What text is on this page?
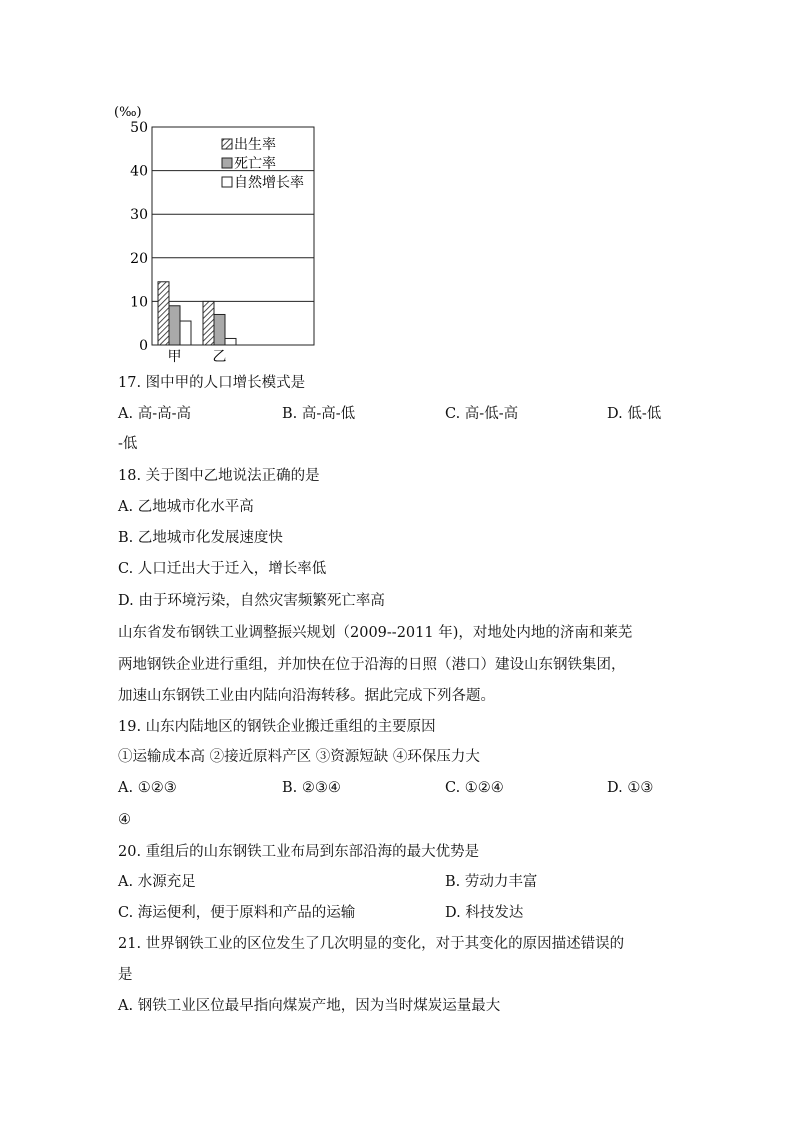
(‰)
0
10
20
30
40
50
甲 乙
出生率
死亡率
自然增长率
17. 图中甲的人口增长模式是
A. 高-高-高	B. 高-高-低	C. 高-低-高	D. 低-低
-低
18. 关于图中乙地说法正确的是
A. 乙地城市化水平高
B. 乙地城市化发展速度快
C. 人口迁出大于迁入，增长率低
D. 由于环境污染，自然灾害频繁死亡率高
山东省发布钢铁工业调整振兴规划（2009--2011 年)，对地处内地的济南和莱芜
两地钢铁企业进行重组，并加快在位于沿海的日照（港口）建设山东钢铁集团，
加速山东钢铁工业由内陆向沿海转移。据此完成下列各题。
19. 山东内陆地区的钢铁企业搬迁重组的主要原因
①运输成本高 ②接近原料产区 ③资源短缺 ④环保压力大
A. ①②③	B. ②③④	C. ①②④	D. ①③
④
20. 重组后的山东钢铁工业布局到东部沿海的最大优势是
A. 水源充足	B. 劳动力丰富
C. 海运便利，便于原料和产品的运输	D. 科技发达
21. 世界钢铁工业的区位发生了几次明显的变化，对于其变化的原因描述错误的
是
A. 钢铁工业区位最早指向煤炭产地，因为当时煤炭运量最大
